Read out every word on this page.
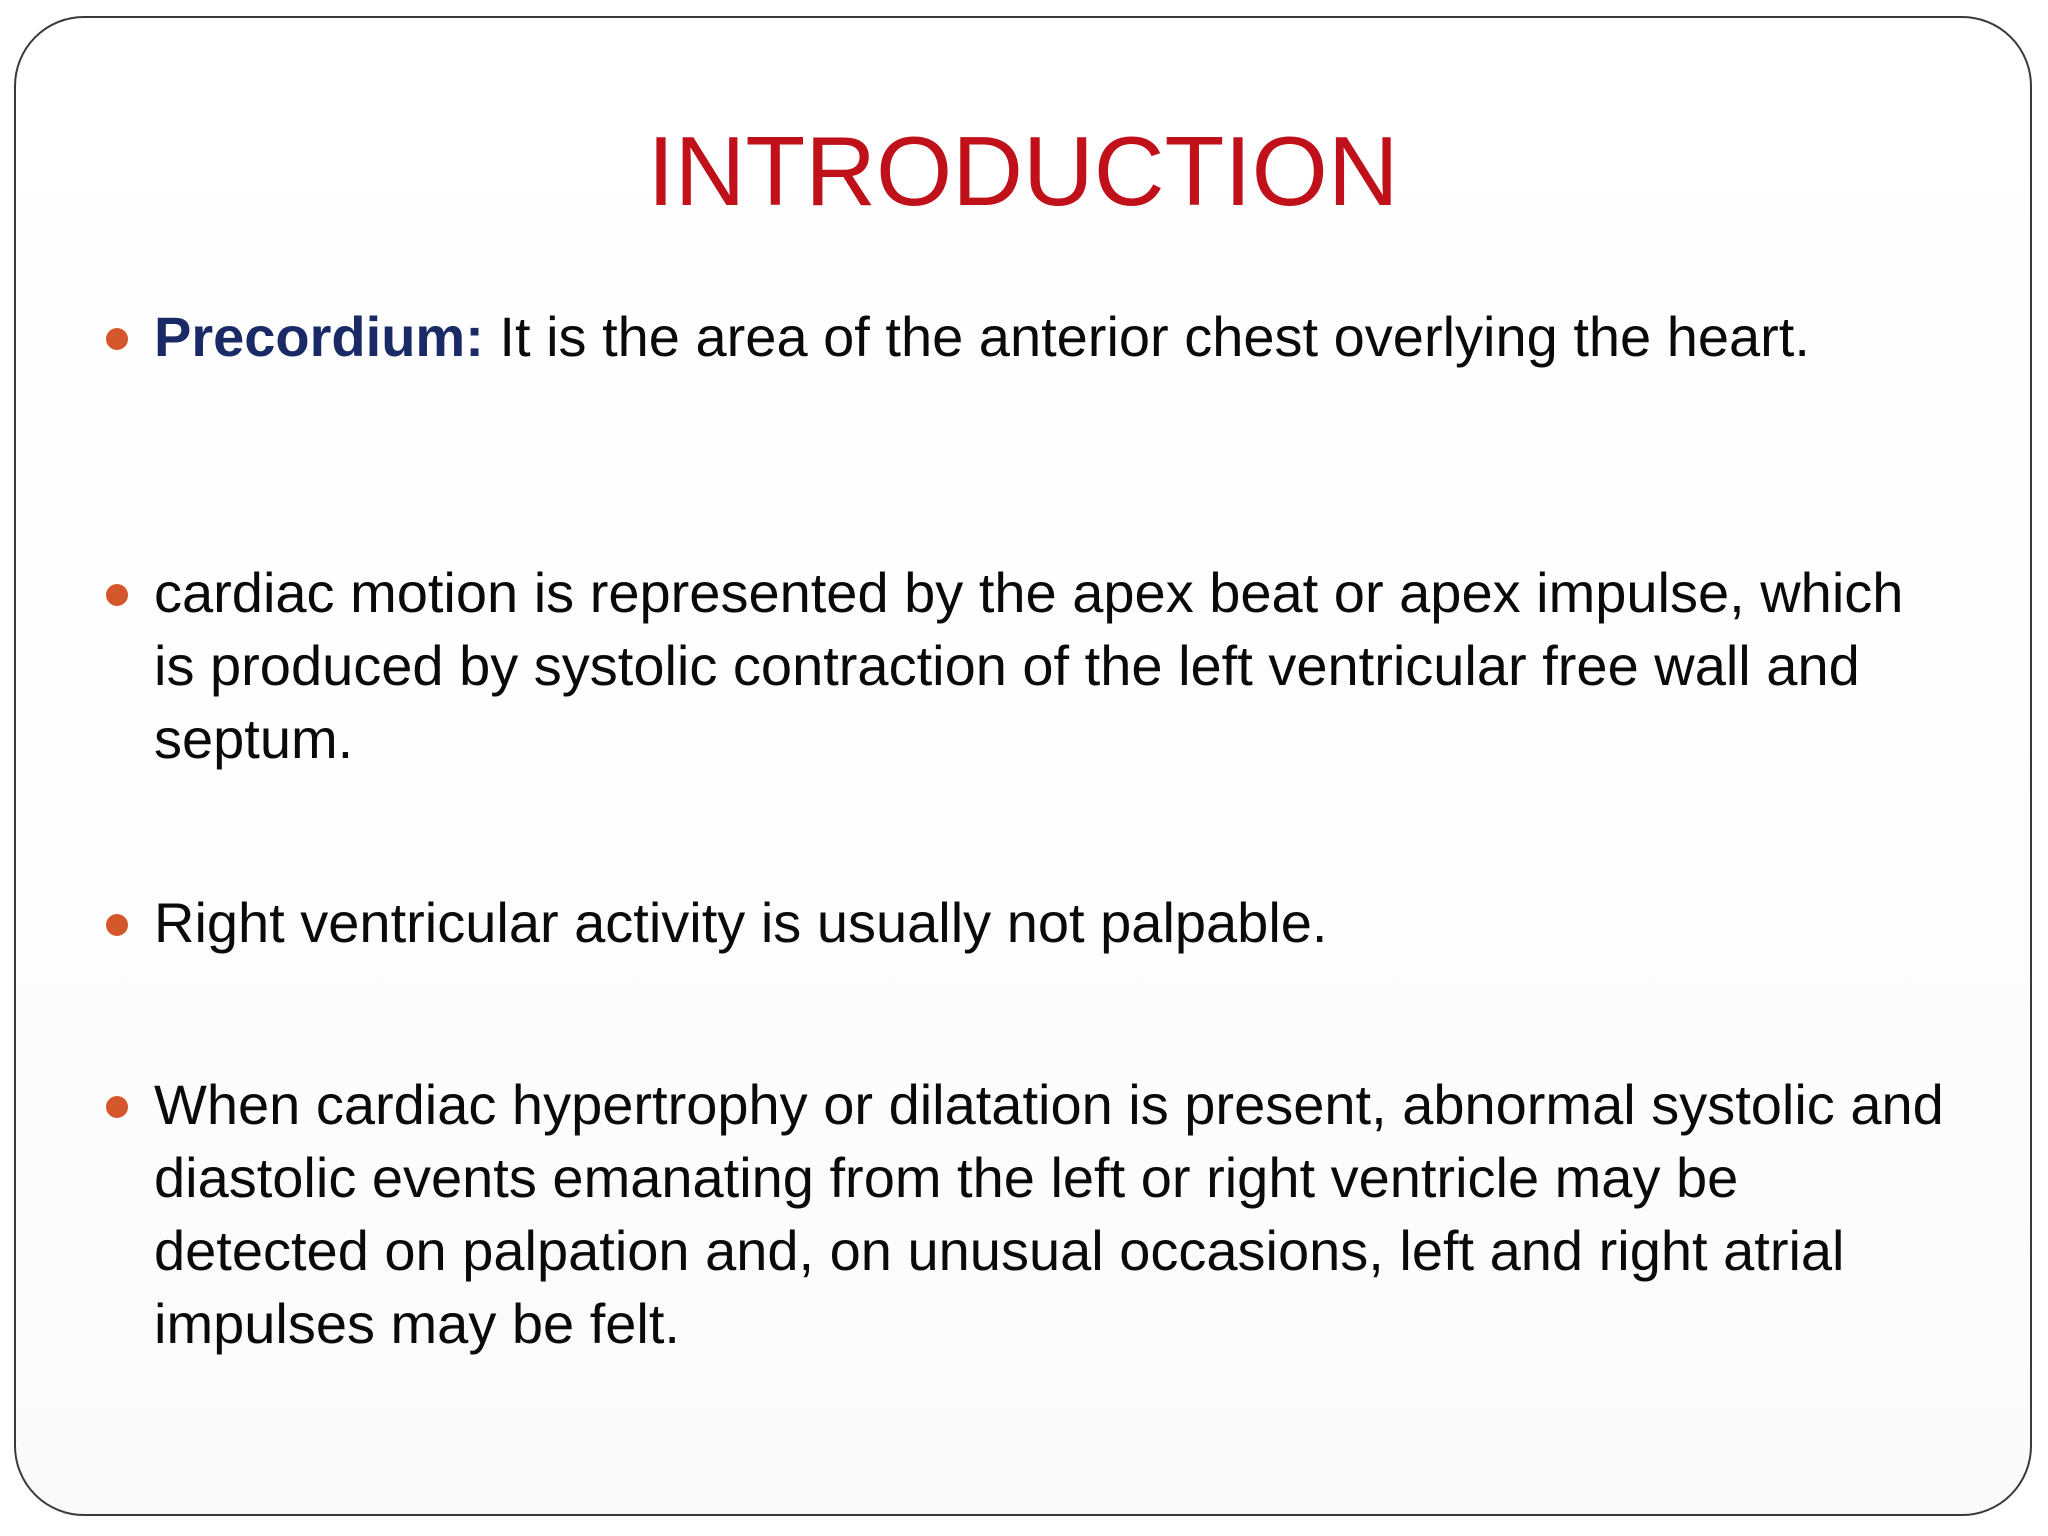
INTRODUCTION
Precordium: It is the area of the anterior chest overlying the heart.
cardiac motion is represented by the apex beat or apex impulse, which is produced by systolic contraction of the left ventricular free wall and septum.
Right ventricular activity is usually not palpable.
When cardiac hypertrophy or dilatation is present, abnormal systolic and diastolic events emanating from the left or right ventricle may be detected on palpation and, on unusual occasions, left and right atrial impulses may be felt.
